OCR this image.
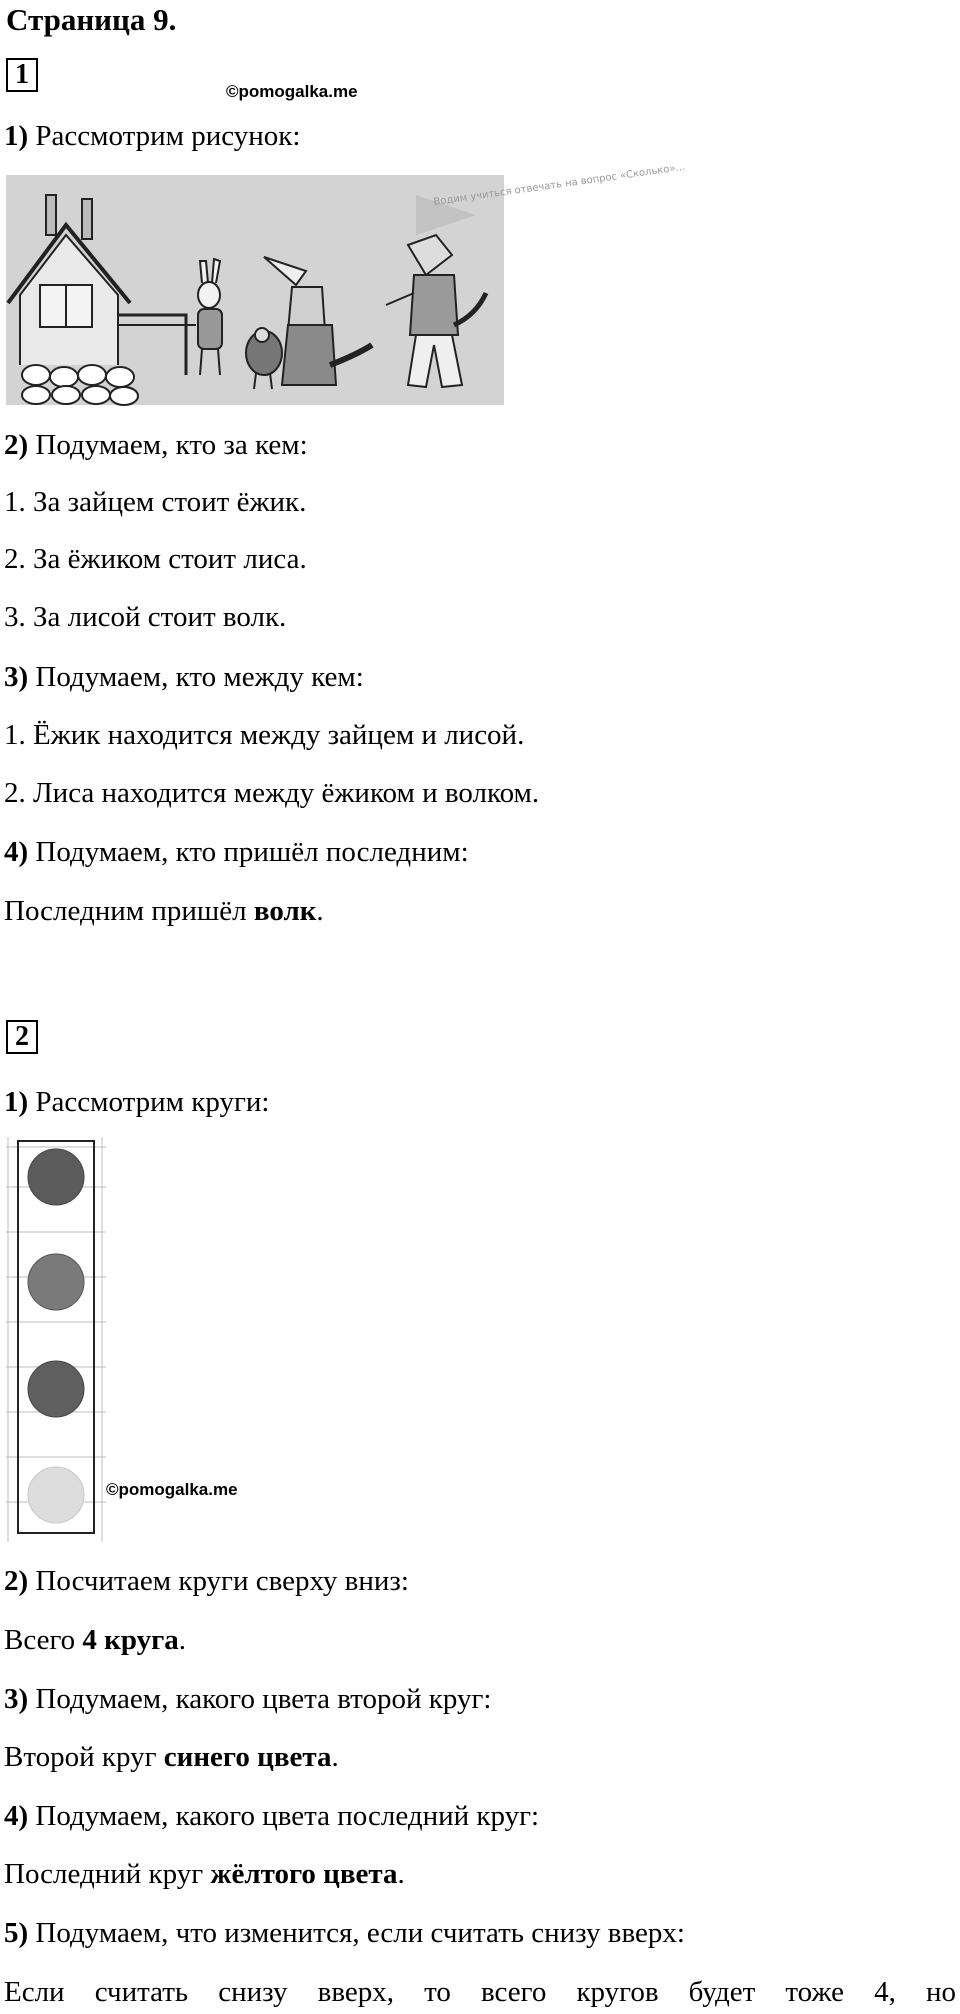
Страница 9.
1
©pomogalka.me
1) Рассмотрим рисунок:
Водим учиться отвечать на вопрос «Сколько»…
2) Подумаем, кто за кем:
1. За зайцем стоит ёжик.
2. За ёжиком стоит лиса.
3. За лисой стоит волк.
3) Подумаем, кто между кем:
1. Ёжик находится между зайцем и лисой.
2. Лиса находится между ёжиком и волком.
4) Подумаем, кто пришёл последним:
Последним пришёл волк.
2
1) Рассмотрим круги:
©pomogalka.me
2) Посчитаем круги сверху вниз:
Всего 4 круга.
3) Подумаем, какого цвета второй круг:
Второй круг синего цвета.
4) Подумаем, какого цвета последний круг:
Последний круг жёлтого цвета.
5) Подумаем, что изменится, если считать снизу вверх:
Если считать снизу вверх, то всего кругов будет тоже 4, но
